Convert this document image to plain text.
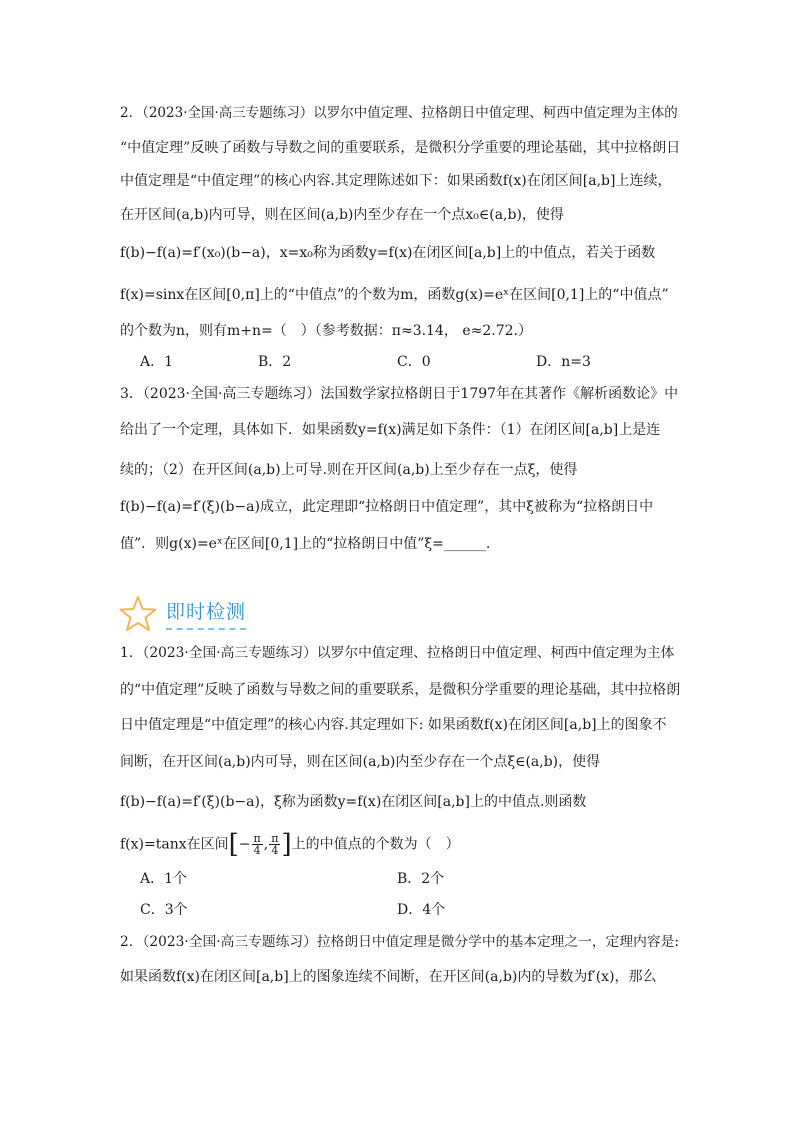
2．（2023·全国·高三专题练习）以罗尔中值定理、拉格朗日中值定理、柯西中值定理为主体的
“中值定理”反映了函数与导数之间的重要联系，是微积分学重要的理论基础，其中拉格朗日
中值定理是“中值定理”的核心内容.其定理陈述如下：如果函数f(x)在闭区间[a,b]上连续，
在开区间(a,b)内可导，则在区间(a,b)内至少存在一个点x₀∈(a,b)，使得
f(b)−f(a)=f′(x₀)(b−a)，x=x₀称为函数y=f(x)在闭区间[a,b]上的中值点，若关于函数
f(x)=sinx在区间[0,π]上的“中值点”的个数为m，函数g(x)=eˣ在区间[0,1]上的“中值点”
的个数为n，则有m+n=（　）（参考数据：π≈3.14， e≈2.72.）
A．1	B．2	C．0	D．n=3
3．（2023·全国·高三专题练习）法国数学家拉格朗日于1797年在其著作《解析函数论》中
给出了一个定理，具体如下．如果函数y=f(x)满足如下条件：（1）在闭区间[a,b]上是连
续的；（2）在开区间(a,b)上可导.则在开区间(a,b)上至少存在一点ξ，使得
f(b)−f(a)=f′(ξ)(b−a)成立，此定理即“拉格朗日中值定理”，其中ξ被称为“拉格朗日中
值”．则g(x)=eˣ在区间[0,1]上的“拉格朗日中值”ξ=______.
即时检测
1．（2023·全国·高三专题练习）以罗尔中值定理、拉格朗日中值定理、柯西中值定理为主体
的“中值定理”反映了函数与导数之间的重要联系，是微积分学重要的理论基础，其中拉格朗
日中值定理是“中值定理”的核心内容.其定理如下: 如果函数f(x)在闭区间[a,b]上的图象不
间断，在开区间(a,b)内可导，则在区间(a,b)内至少存在一个点ξ∈(a,b)，使得
f(b)−f(a)=f′(ξ)(b−a)，ξ称为函数y=f(x)在闭区间[a,b]上的中值点.则函数
f(x)=tanx在区间[− $\frac{\pi}{4}$ , $\frac{\pi}{4}$ ]上的中值点的个数为（　）
A．1个	B．2个
C．3个	D．4个
2．（2023·全国·高三专题练习）拉格朗日中值定理是微分学中的基本定理之一，定理内容是:
如果函数f(x)在闭区间[a,b]上的图象连续不间断，在开区间(a,b)内的导数为f′(x)，那么
